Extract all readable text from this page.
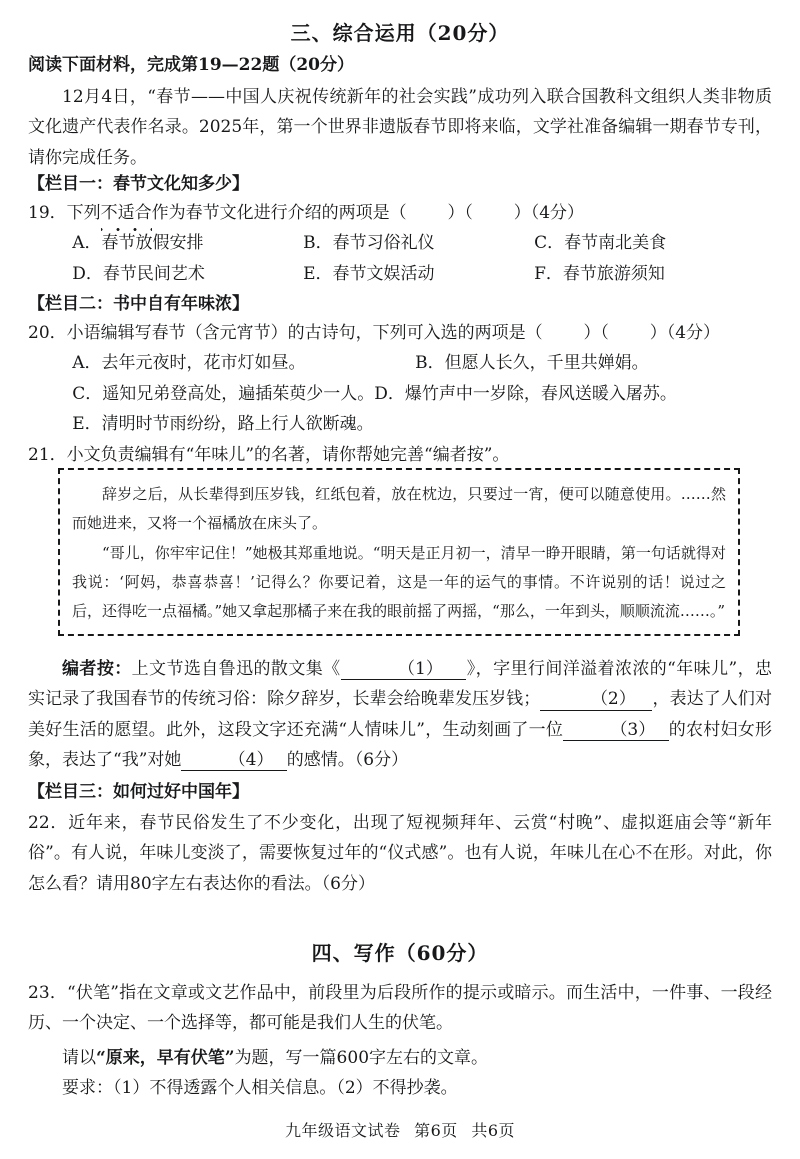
三、综合运用（20分）

阅读下面材料，完成第19—22题（20分）

12月4日，“春节——中国人庆祝传统新年的社会实践”成功列入联合国教科文组织人类非物质文化遗产代表作名录。2025年，第一个世界非遗版春节即将来临，文学社准备编辑一期春节专刊，请你完成任务。

【栏目一：春节文化知多少】

19．下列不适合作为春节文化进行介绍的两项是（ ）（ ）（4分）

A．春节放假安排	B．春节习俗礼仪	C．春节南北美食
D．春节民间艺术	E．春节文娱活动	F．春节旅游须知

【栏目二：书中自有年味浓】

20．小语编辑写春节（含元宵节）的古诗句，下列可入选的两项是（ ）（ ）（4分）

A．去年元夜时，花市灯如昼。	B．但愿人长久，千里共婵娟。
C．遥知兄弟登高处，遍插茱萸少一人。 D．爆竹声中一岁除，春风送暖入屠苏。
E．清明时节雨纷纷，路上行人欲断魂。

21．小文负责编辑有“年味儿”的名著，请你帮她完善“编者按”。

辞岁之后，从长辈得到压岁钱，红纸包着，放在枕边，只要过一宵，便可以随意使用。……然而她进来，又将一个福橘放在床头了。

“哥儿，你牢牢记住！”她极其郑重地说。“明天是正月初一，清早一睁开眼睛，第一句话就得对我说：‘阿妈，恭喜恭喜！’记得么？你要记着，这是一年的运气的事情。不许说别的话！说过之后，还得吃一点福橘。”她又拿起那橘子来在我的眼前摇了两摇，“那么，一年到头，顺顺流流……。”

编者按：上文节选自鲁迅的散文集《	（1） 》，字里行间洋溢着浓浓的“年味儿”，忠实记录了我国春节的传统习俗：除夕辞岁，长辈会给晚辈发压岁钱；	（2） ，表达了人们对美好生活的愿望。此外，这段文字还充满“人情味儿”，生动刻画了一位	（3） 的农村妇女形象，表达了“我”对她	（4） 的感情。（6分）

【栏目三：如何过好中国年】

22．近年来，春节民俗发生了不少变化，出现了短视频拜年、云赏“村晚”、虚拟逛庙会等“新年俗”。有人说，年味儿变淡了，需要恢复过年的“仪式感”。也有人说，年味儿在心不在形。对此，你怎么看？请用80字左右表达你的看法。（6分）

四、写作（60分）

23．“伏笔”指在文章或文艺作品中，前段里为后段所作的提示或暗示。而生活中，一件事、一段经历、一个决定、一个选择等，都可能是我们人生的伏笔。

请以“原来，早有伏笔”为题，写一篇600字左右的文章。

要求：（1）不得透露个人相关信息。（2）不得抄袭。

九年级语文试卷 第6页 共6页
